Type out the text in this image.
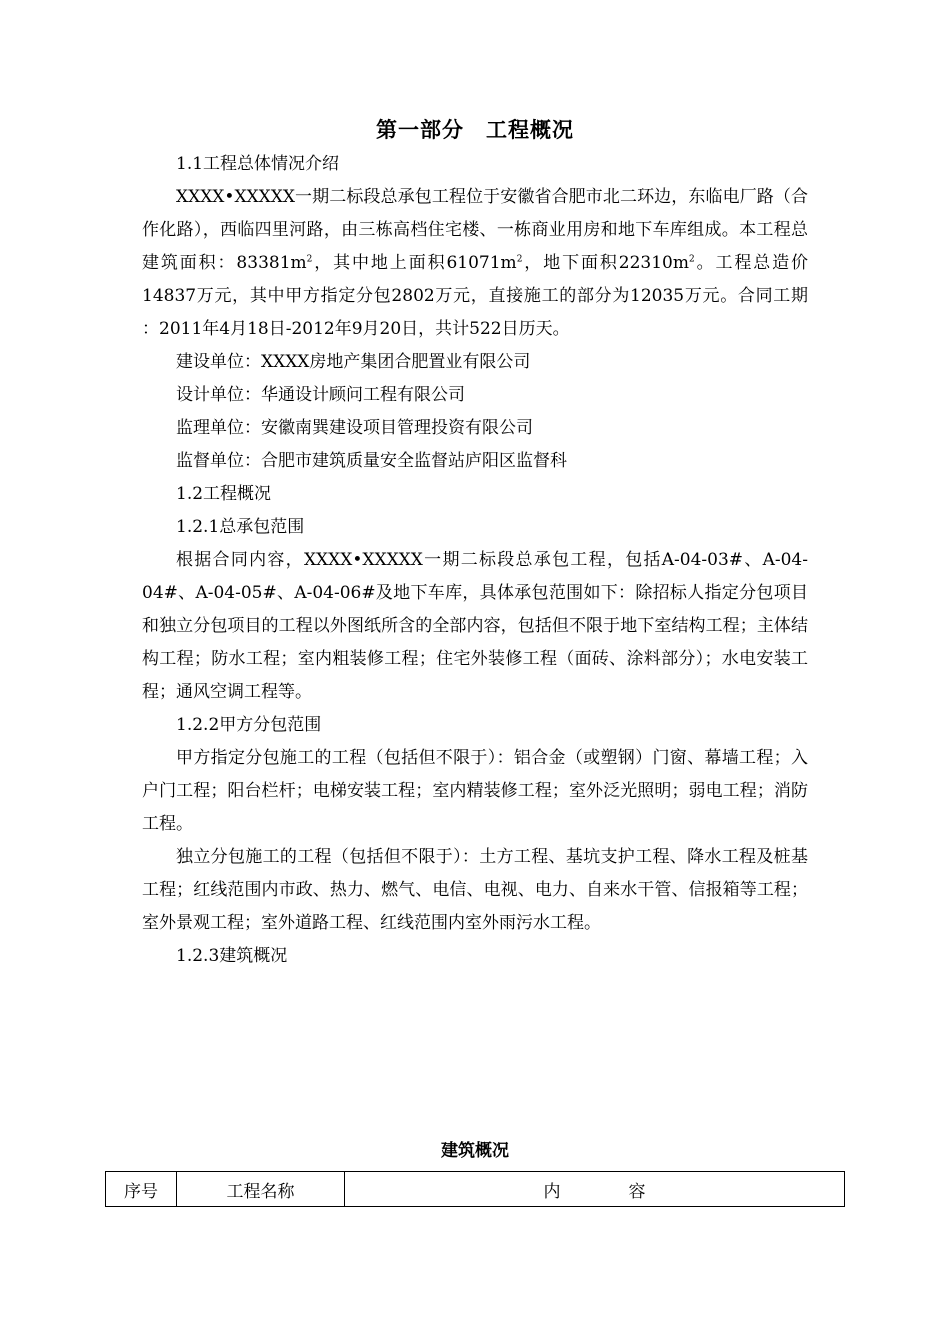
第一部分　工程概况

1.1工程总体情况介绍

XXXX•XXXXX一期二标段总承包工程位于安徽省合肥市北二环边，东临电厂路（合作化路），西临四里河路，由三栋高档住宅楼、一栋商业用房和地下车库组成。本工程总建筑面积：$83381m^2$，其中地上面积$61071m^2$，地下面积$22310m^2$。工程总造价14837万元，其中甲方指定分包2802万元，直接施工的部分为12035万元。合同工期 ：2011年4月18日-2012年9月20日，共计522日历天。

建设单位：XXXX房地产集团合肥置业有限公司

设计单位：华通设计顾问工程有限公司

监理单位：安徽南巽建设项目管理投资有限公司

监督单位：合肥市建筑质量安全监督站庐阳区监督科

1.2工程概况

1.2.1总承包范围

根据合同内容，XXXX•XXXXX一期二标段总承包工程，包括A-04-03#、A-04-04#、A-04-05#、A-04-06#及地下车库，具体承包范围如下：除招标人指定分包项目和独立分包项目的工程以外图纸所含的全部内容，包括但不限于地下室结构工程；主体结构工程；防水工程；室内粗装修工程；住宅外装修工程（面砖、涂料部分）；水电安装工程；通风空调工程等。

1.2.2甲方分包范围

甲方指定分包施工的工程（包括但不限于）：铝合金（或塑钢）门窗、幕墙工程；入户门工程；阳台栏杆；电梯安装工程；室内精装修工程；室外泛光照明；弱电工程；消防工程。

独立分包施工的工程（包括但不限于）：土方工程、基坑支护工程、降水工程及桩基工程；红线范围内市政、热力、燃气、电信、电视、电力、自来水干管、信报箱等工程；室外景观工程；室外道路工程、红线范围内室外雨污水工程。

1.2.3建筑概况

建筑概况
序号	工程名称	内　　　　容
